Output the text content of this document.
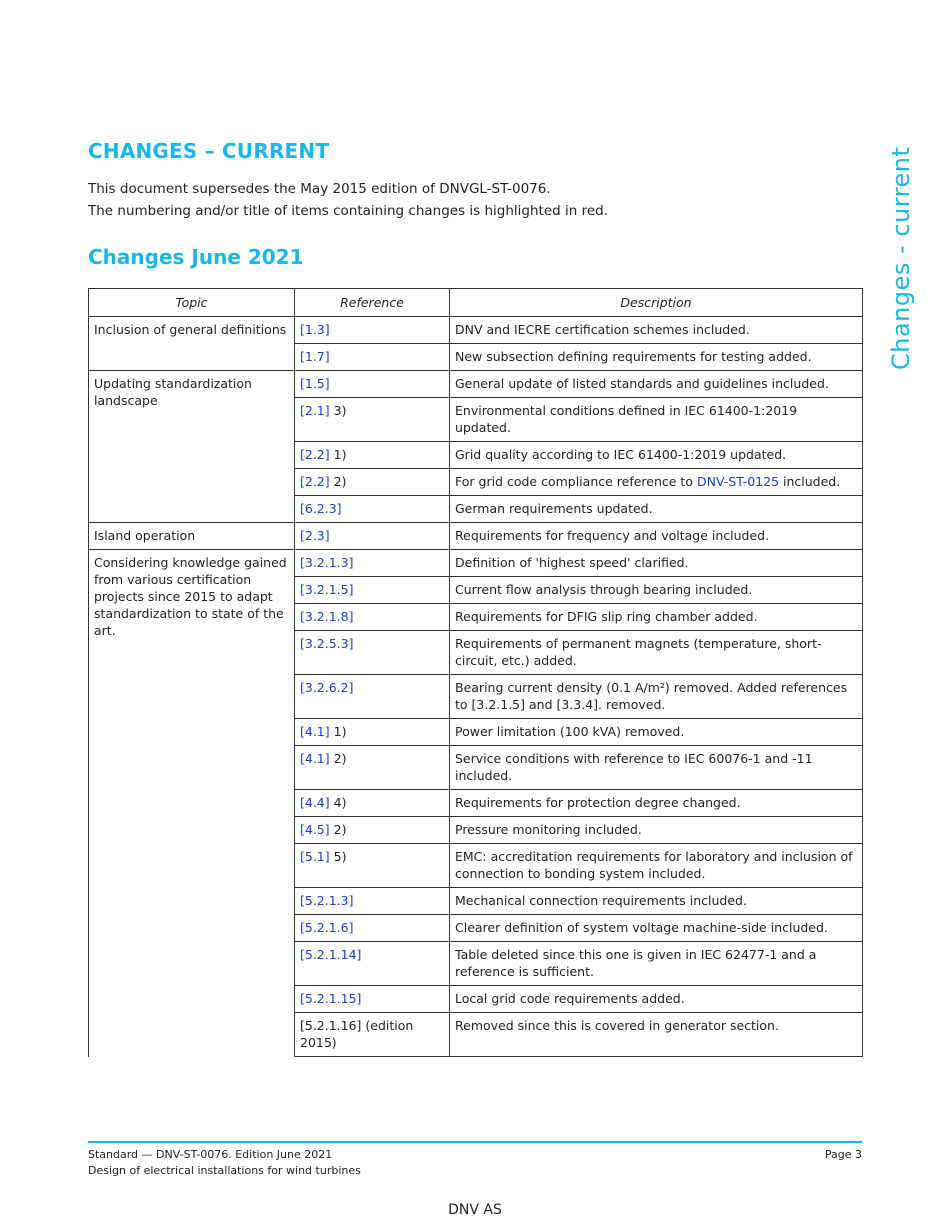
CHANGES – CURRENT
This document supersedes the May 2015 edition of DNVGL-ST-0076.
The numbering and/or title of items containing changes is highlighted in red.
Changes June 2021	Changes - current
Topic	Reference	Description
Inclusion of general definitions	[1.3]	DNV and IECRE certification schemes included.
	[1.7]	New subsection defining requirements for testing added.
Updating standardization landscape	[1.5]	General update of listed standards and guidelines included.
	[2.1] 3)	Environmental conditions defined in IEC 61400-1:2019 updated.
	[2.2] 1)	Grid quality according to IEC 61400-1:2019 updated.
	[2.2] 2)	For grid code compliance reference to DNV-ST-0125 included.
	[6.2.3]	German requirements updated.
Island operation	[2.3]	Requirements for frequency and voltage included.
Considering knowledge gained from various certification projects since 2015 to adapt standardization to state of the art.	[3.2.1.3]	Definition of 'highest speed' clarified.
	[3.2.1.5]	Current flow analysis through bearing included.
	[3.2.1.8]	Requirements for DFIG slip ring chamber added.
	[3.2.5.3]	Requirements of permanent magnets (temperature, short-circuit, etc.) added.
	[3.2.6.2]	Bearing current density (0.1 A/m²) removed. Added references to [3.2.1.5] and [3.3.4]. removed.
	[4.1] 1)	Power limitation (100 kVA) removed.
	[4.1] 2)	Service conditions with reference to IEC 60076-1 and -11 included.
	[4.4] 4)	Requirements for protection degree changed.
	[4.5] 2)	Pressure monitoring included.
	[5.1] 5)	EMC: accreditation requirements for laboratory and inclusion of connection to bonding system included.
	[5.2.1.3]	Mechanical connection requirements included.
	[5.2.1.6]	Clearer definition of system voltage machine-side included.
	[5.2.1.14]	Table deleted since this one is given in IEC 62477-1 and a reference is sufficient.
	[5.2.1.15]	Local grid code requirements added.
	[5.2.1.16] (edition 2015)	Removed since this is covered in generator section.
Standard — DNV-ST-0076. Edition June 2021
Design of electrical installations for wind turbines
Page 3
DNV AS
